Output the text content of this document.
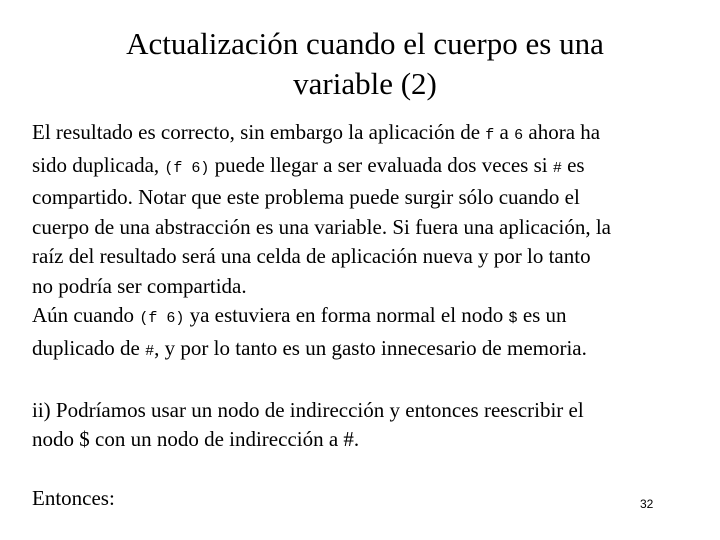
Actualización cuando el cuerpo es una
variable (2)
El resultado es correcto, sin embargo la aplicación de f a 6 ahora ha
sido duplicada, (f 6) puede llegar a ser evaluada dos veces si # es
compartido. Notar que este problema puede surgir sólo cuando el
cuerpo de una abstracción es una variable. Si fuera una aplicación, la
raíz del resultado será una celda de aplicación nueva y por lo tanto
no podría ser compartida.
Aún cuando (f 6) ya estuviera en forma normal el nodo $ es un
duplicado de #, y por lo tanto es un gasto innecesario de memoria.
ii) Podríamos usar un nodo de indirección y entonces reescribir el
nodo $ con un nodo de indirección a #.
Entonces:	32
